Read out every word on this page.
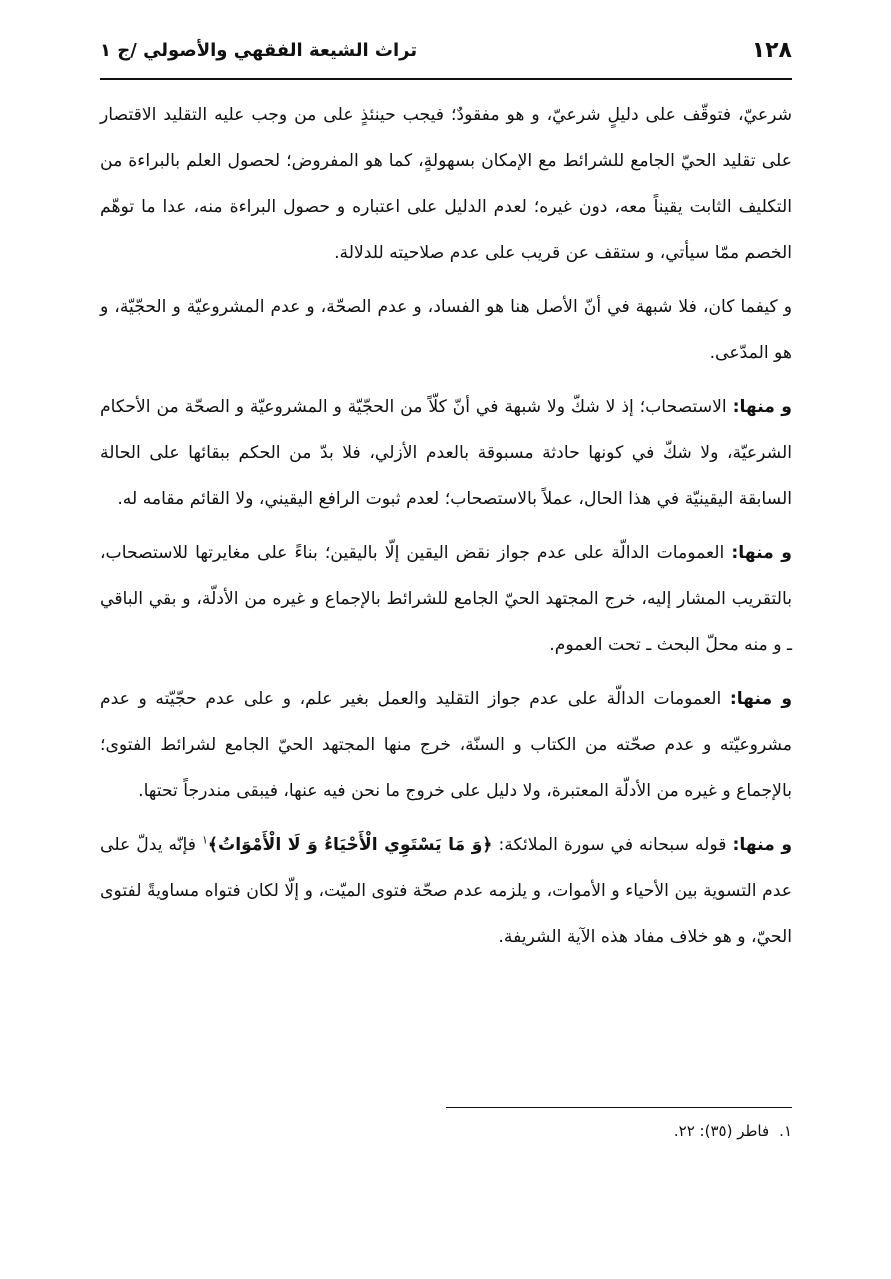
١٢٨
تراث الشيعة الفقهي والأصولي /ج ١

شرعيّ، فتوقّف على دليلٍ شرعيّ، و هو مفقودٌ؛ فيجب حينئذٍ على من وجب عليه التقليد الاقتصار على تقليد الحيّ الجامع للشرائط مع الإمكان بسهولةٍ، كما هو المفروض؛ لحصول العلم بالبراءة من التكليف الثابت يقيناً معه، دون غيره؛ لعدم الدليل على اعتباره و حصول البراءة منه، عدا ما توهّم الخصم ممّا سيأتي، و ستقف عن قريب على عدم صلاحيته للدلالة.

و كيفما كان، فلا شبهة في أنّ الأصل هنا هو الفساد، و عدم الصحّة، و عدم المشروعيّة و الحجّيّة، و هو المدّعى.

و منها: الاستصحاب؛ إذ لا شكّ ولا شبهة في أنّ كلّاً من الحجّيّة و المشروعيّة و الصحّة من الأحكام الشرعيّة، ولا شكّ في كونها حادثة مسبوقة بالعدم الأزلي، فلا بدّ من الحكم ببقائها على الحالة السابقة اليقينيّة في هذا الحال، عملاً بالاستصحاب؛ لعدم ثبوت الرافع اليقيني، ولا القائم مقامه له.

و منها: العمومات الدالّة على عدم جواز نقض اليقين إلّا باليقين؛ بناءً على مغايرتها للاستصحاب، بالتقريب المشار إليه، خرج المجتهد الحيّ الجامع للشرائط بالإجماع و غيره من الأدلّة، و بقي الباقي ـ و منه محلّ البحث ـ تحت العموم.

و منها: العمومات الدالّة على عدم جواز التقليد والعمل بغير علم، و على عدم حجّيّته و عدم مشروعيّته و عدم صحّته من الكتاب و السنّة، خرج منها المجتهد الحيّ الجامع لشرائط الفتوى؛ بالإجماع و غيره من الأدلّة المعتبرة، ولا دليل على خروج ما نحن فيه عنها، فيبقى مندرجاً تحتها.

و منها: قوله سبحانه في سورة الملائكة: ﴿وَ مَا يَسْتَوِي الْأَحْيَاءُ وَ لَا الْأَمْوَاتُ﴾$^١$ فإنّه يدلّ على عدم التسوية بين الأحياء و الأموات، و يلزمه عدم صحّة فتوى الميّت، و إلّا لكان فتواه مساويةً لفتوى الحيّ، و هو خلاف مفاد هذه الآية الشريفة.

١.فاطر (٣٥): ٢٢.
